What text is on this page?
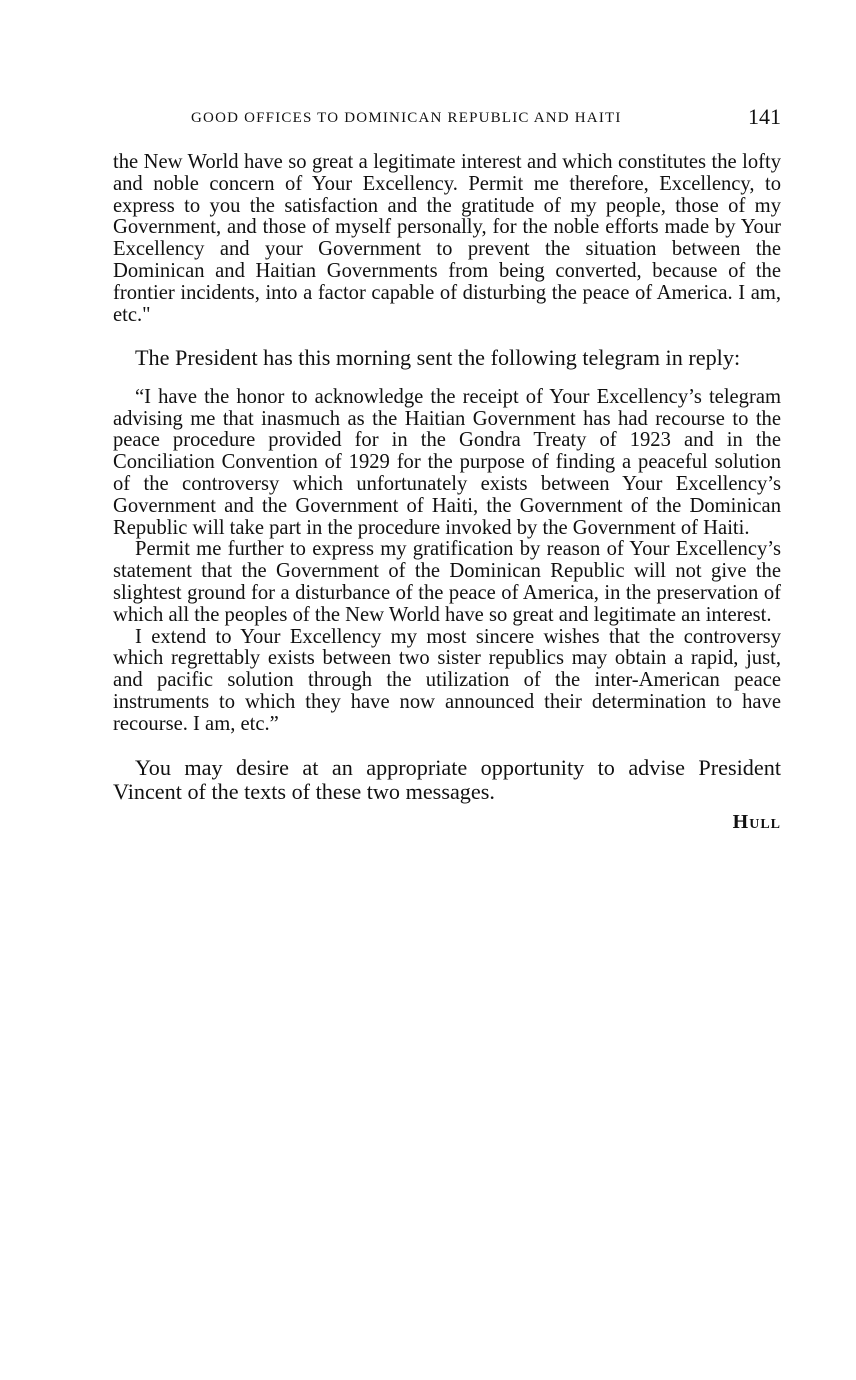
GOOD OFFICES TO DOMINICAN REPUBLIC AND HAITI	141

the New World have so great a legitimate interest and which constitutes the lofty and noble concern of Your Excellency. Permit me therefore, Excellency, to express to you the satisfaction and the gratitude of my people, those of my Government, and those of myself personally, for the noble efforts made by Your Excellency and your Government to prevent the situation between the Dominican and Haitian Governments from being converted, because of the frontier incidents, into a factor capable of disturbing the peace of America. I am, etc."

The President has this morning sent the following telegram in reply:

“I have the honor to acknowledge the receipt of Your Excellency’s telegram advising me that inasmuch as the Haitian Government has had recourse to the peace procedure provided for in the Gondra Treaty of 1923 and in the Conciliation Convention of 1929 for the purpose of finding a peaceful solution of the controversy which unfortunately exists between Your Excellency’s Government and the Government of Haiti, the Government of the Dominican Republic will take part in the procedure invoked by the Government of Haiti.

Permit me further to express my gratification by reason of Your Excellency’s statement that the Government of the Dominican Republic will not give the slightest ground for a disturbance of the peace of America, in the preservation of which all the peoples of the New World have so great and legitimate an interest.

I extend to Your Excellency my most sincere wishes that the controversy which regrettably exists between two sister republics may obtain a rapid, just, and pacific solution through the utilization of the inter-American peace instruments to which they have now announced their determination to have recourse. I am, etc.”

You may desire at an appropriate opportunity to advise President Vincent of the texts of these two messages.

Hull
